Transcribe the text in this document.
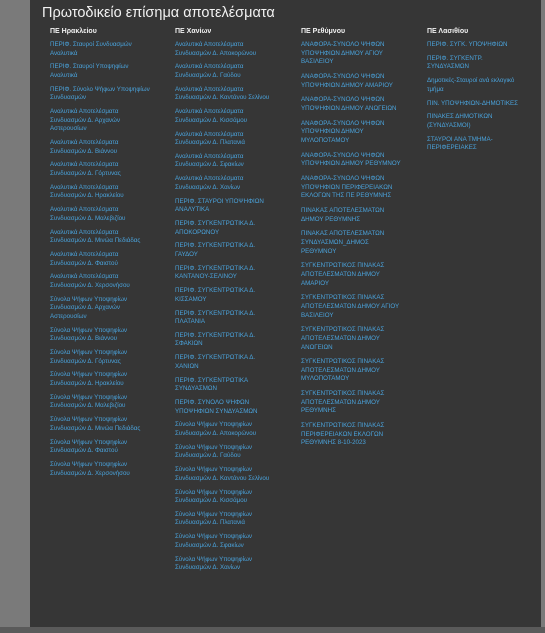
Πρωτοδικείο επίσημα αποτελέσματα
ΠΕ Ηρακλείου
ΠΕΡΙΦ. Σταυροί Συνδυασμών Αναλυτικά
ΠΕΡΙΦ. Σταυροί Υποψηφίων Αναλυτικά
ΠΕΡΙΦ. Σύνολο Ψήφων Υποψηφίων Συνδυασμών
Αναλυτικά Αποτελέσματα Συνδυασμών Δ. Αρχανών Αστερουσίων
Αναλυτικά Αποτελέσματα Συνδυασμών Δ. Βιάννου
Αναλυτικά Αποτελέσματα Συνδυασμών Δ. Γόρτυνας
Αναλυτικά Αποτελέσματα Συνδυασμών Δ. Ηρακλείου
Αναλυτικά Αποτελέσματα Συνδυασμών Δ. Μαλεβιζίου
Αναλυτικά Αποτελέσματα Συνδυασμών Δ. Μινώα Πεδιάδας
Αναλυτικά Αποτελέσματα Συνδυασμών Δ. Φαιστού
Αναλυτικά Αποτελέσματα Συνδυασμών Δ. Χερσονήσου
Σύνολα Ψήφων Υποψηφίων Συνδυασμών Δ. Αρχανών Αστερουσίων
Σύνολα Ψήφων Υποψηφίων Συνδυασμών Δ. Βιάννου
Σύνολα Ψήφων Υποψηφίων Συνδυασμών Δ. Γόρτυνας
Σύνολα Ψήφων Υποψηφίων Συνδυασμών Δ. Ηρακλείου
Σύνολα Ψήφων Υποψηφίων Συνδυασμών Δ. Μαλεβιζίου
Σύνολα Ψήφων Υποψηφίων Συνδυασμών Δ. Μινώα Πεδιάδας
Σύνολα Ψήφων Υποψηφίων Συνδυασμών Δ. Φαιστού
Σύνολα Ψήφων Υποψηφίων Συνδυασμών Δ. Χερσονήσου
ΠΕ Χανίων
Αναλυτικά Αποτελέσματα Συνδυασμών Δ. Αποκορώνου
Αναλυτικά Αποτελέσματα Συνδυασμών Δ. Γαύδου
Αναλυτικά Αποτελέσματα Συνδυασμών Δ. Καντάνου Σελίνου
Αναλυτικά Αποτελέσματα Συνδυασμών Δ. Κισσάμου
Αναλυτικά Αποτελέσματα Συνδυασμών Δ. Πλατανιά
Αναλυτικά Αποτελέσματα Συνδυασμών Δ. Σφακίων
Αναλυτικά Αποτελέσματα Συνδυασμών Δ. Χανίων
ΠΕΡΙΦ. ΣΤΑΥΡΟΙ ΥΠΟΨΗΦΙΩΝ ΑΝΑΛΥΤΙΚΑ
ΠΕΡΙΦ. ΣΥΓΚΕΝΤΡΩΤΙΚΑ Δ. ΑΠΟΚΟΡΩΝΟΥ
ΠΕΡΙΦ. ΣΥΓΚΕΝΤΡΩΤΙΚΑ Δ. ΓΑΥΔΟΥ
ΠΕΡΙΦ. ΣΥΓΚΕΝΤΡΩΤΙΚΑ Δ. ΚΑΝΤΑΝΟΥ-ΣΕΛΙΝΟΥ
ΠΕΡΙΦ. ΣΥΓΚΕΝΤΡΩΤΙΚΑ Δ. ΚΙΣΣΑΜΟΥ
ΠΕΡΙΦ. ΣΥΓΚΕΝΤΡΩΤΙΚΑ Δ. ΠΛΑΤΑΝΙΑ
ΠΕΡΙΦ. ΣΥΓΚΕΝΤΡΩΤΙΚΑ Δ. ΣΦΑΚΙΩΝ
ΠΕΡΙΦ. ΣΥΓΚΕΝΤΡΩΤΙΚΑ Δ. ΧΑΝΙΩΝ
ΠΕΡΙΦ. ΣΥΓΚΕΝΤΡΩΤΙΚΑ ΣΥΝΔΥΑΣΜΩΝ
ΠΕΡΙΦ. ΣΥΝΟΛΟ ΨΗΦΩΝ ΥΠΟΨΗΦΙΩΝ ΣΥΝΔΥΑΣΜΩΝ
Σύνολα Ψήφων Υποψηφίων Συνδυασμών Δ. Αποκορώνου
Σύνολα Ψήφων Υποψηφίων Συνδυασμών Δ. Γαύδου
Σύνολα Ψήφων Υποψηφίων Συνδυασμών Δ. Καντάνου Σελίνου
Σύνολα Ψήφων Υποψηφίων Συνδυασμών Δ. Κισσάμου
Σύνολα Ψήφων Υποψηφίων Συνδυασμών Δ. Πλατανιά
Σύνολα Ψήφων Υποψηφίων Συνδυασμών Δ. Σφακίων
Σύνολα Ψήφων Υποψηφίων Συνδυασμών Δ. Χανίων
ΠΕ Ρεθύμνου
ΑΝΑΦΟΡΑ-ΣΥΝΟΛΟ ΨΗΦΩΝ ΥΠΟΨΗΦΙΩΝ ΔΗΜΟΥ ΑΓΙΟΥ ΒΑΣΙΛΕΙΟΥ
ΑΝΑΦΟΡΑ-ΣΥΝΟΛΟ ΨΗΦΩΝ ΥΠΟΨΗΦΙΩΝ ΔΗΜΟΥ ΑΜΑΡΙΟΥ
ΑΝΑΦΟΡΑ-ΣΥΝΟΛΟ ΨΗΦΩΝ ΥΠΟΨΗΦΙΩΝ ΔΗΜΟΥ ΑΝΩΓΕΙΩΝ
ΑΝΑΦΟΡΑ-ΣΥΝΟΛΟ ΨΗΦΩΝ ΥΠΟΨΗΦΙΩΝ ΔΗΜΟΥ ΜΥΛΟΠΟΤΑΜΟΥ
ΑΝΑΦΟΡΑ-ΣΥΝΟΛΟ ΨΗΦΩΝ ΥΠΟΨΗΦΙΩΝ ΔΗΜΟΥ ΡΕΘΥΜΝΟΥ
ΑΝΑΦΟΡΑ-ΣΥΝΟΛΟ ΨΗΦΩΝ ΥΠΟΨΗΦΙΩΝ ΠΕΡΙΦΕΡΕΙΑΚΩΝ ΕΚΛΟΓΩΝ ΤΗΣ ΠΕ ΡΕΘΥΜΝΗΣ
ΠΙΝΑΚΑΣ ΑΠΟΤΕΛΕΣΜΑΤΩΝ ΔΗΜΟΥ ΡΕΘΥΜΝΗΣ
ΠΙΝΑΚΑΣ ΑΠΟΤΕΛΕΣΜΑΤΩΝ ΣΥΝΔΥΑΣΜΩΝ_ΔΗΜΟΣ ΡΕΘΥΜΝΟΥ
ΣΥΓΚΕΝΤΡΩΤΙΚΟΣ ΠΙΝΑΚΑΣ ΑΠΟΤΕΛΕΣΜΑΤΩΝ ΔΗΜΟΥ ΑΜΑΡΙΟΥ
ΣΥΓΚΕΝΤΡΩΤΙΚΟΣ ΠΙΝΑΚΑΣ ΑΠΟΤΕΛΕΣΜΑΤΩΝ ΔΗΜΟΥ ΑΓΙΟΥ ΒΑΣΙΛΕΙΟΥ
ΣΥΓΚΕΝΤΡΩΤΙΚΟΣ ΠΙΝΑΚΑΣ ΑΠΟΤΕΛΕΣΜΑΤΩΝ ΔΗΜΟΥ ΑΝΩΓΕΙΩΝ
ΣΥΓΚΕΝΤΡΩΤΙΚΟΣ ΠΙΝΑΚΑΣ ΑΠΟΤΕΛΕΣΜΑΤΩΝ ΔΗΜΟΥ ΜΥΛΟΠΟΤΑΜΟΥ
ΣΥΓΚΕΝΤΡΩΤΙΚΟΣ ΠΙΝΑΚΑΣ ΑΠΟΤΕΛΕΣΜΑΤΩΝ ΔΗΜΟΥ ΡΕΘΥΜΝΗΣ
ΣΥΓΚΕΝΤΡΩΤΙΚΟΣ ΠΙΝΑΚΑΣ ΠΕΡΙΦΕΡΕΙΑΚΩΝ ΕΚΛΟΓΩΝ ΡΕΘΥΜΝΗΣ 8-10-2023
ΠΕ Λασιθίου
ΠΕΡΙΦ. ΣΥΓΚ. ΥΠΟΨΗΦΙΩΝ
ΠΕΡΙΦ. ΣΥΓΚΕΝΤΡ. ΣΥΝΔΥΑΣΜΩΝ
Δημοτικές-Σταυροί ανά εκλογικό τμήμα
ΠΙΝ. ΥΠΟΨΗΦΙΩΝ-ΔΗΜΟΤΙΚΕΣ
ΠΙΝΑΚΕΣ ΔΗΜΟΤΙΚΩΝ (ΣΥΝΔΥΑΣΜΟΙ)
ΣΤΑΥΡΟΙ ΑΝΑ ΤΜΗΜΑ-ΠΕΡΙΦΕΡΕΙΑΚΕΣ
